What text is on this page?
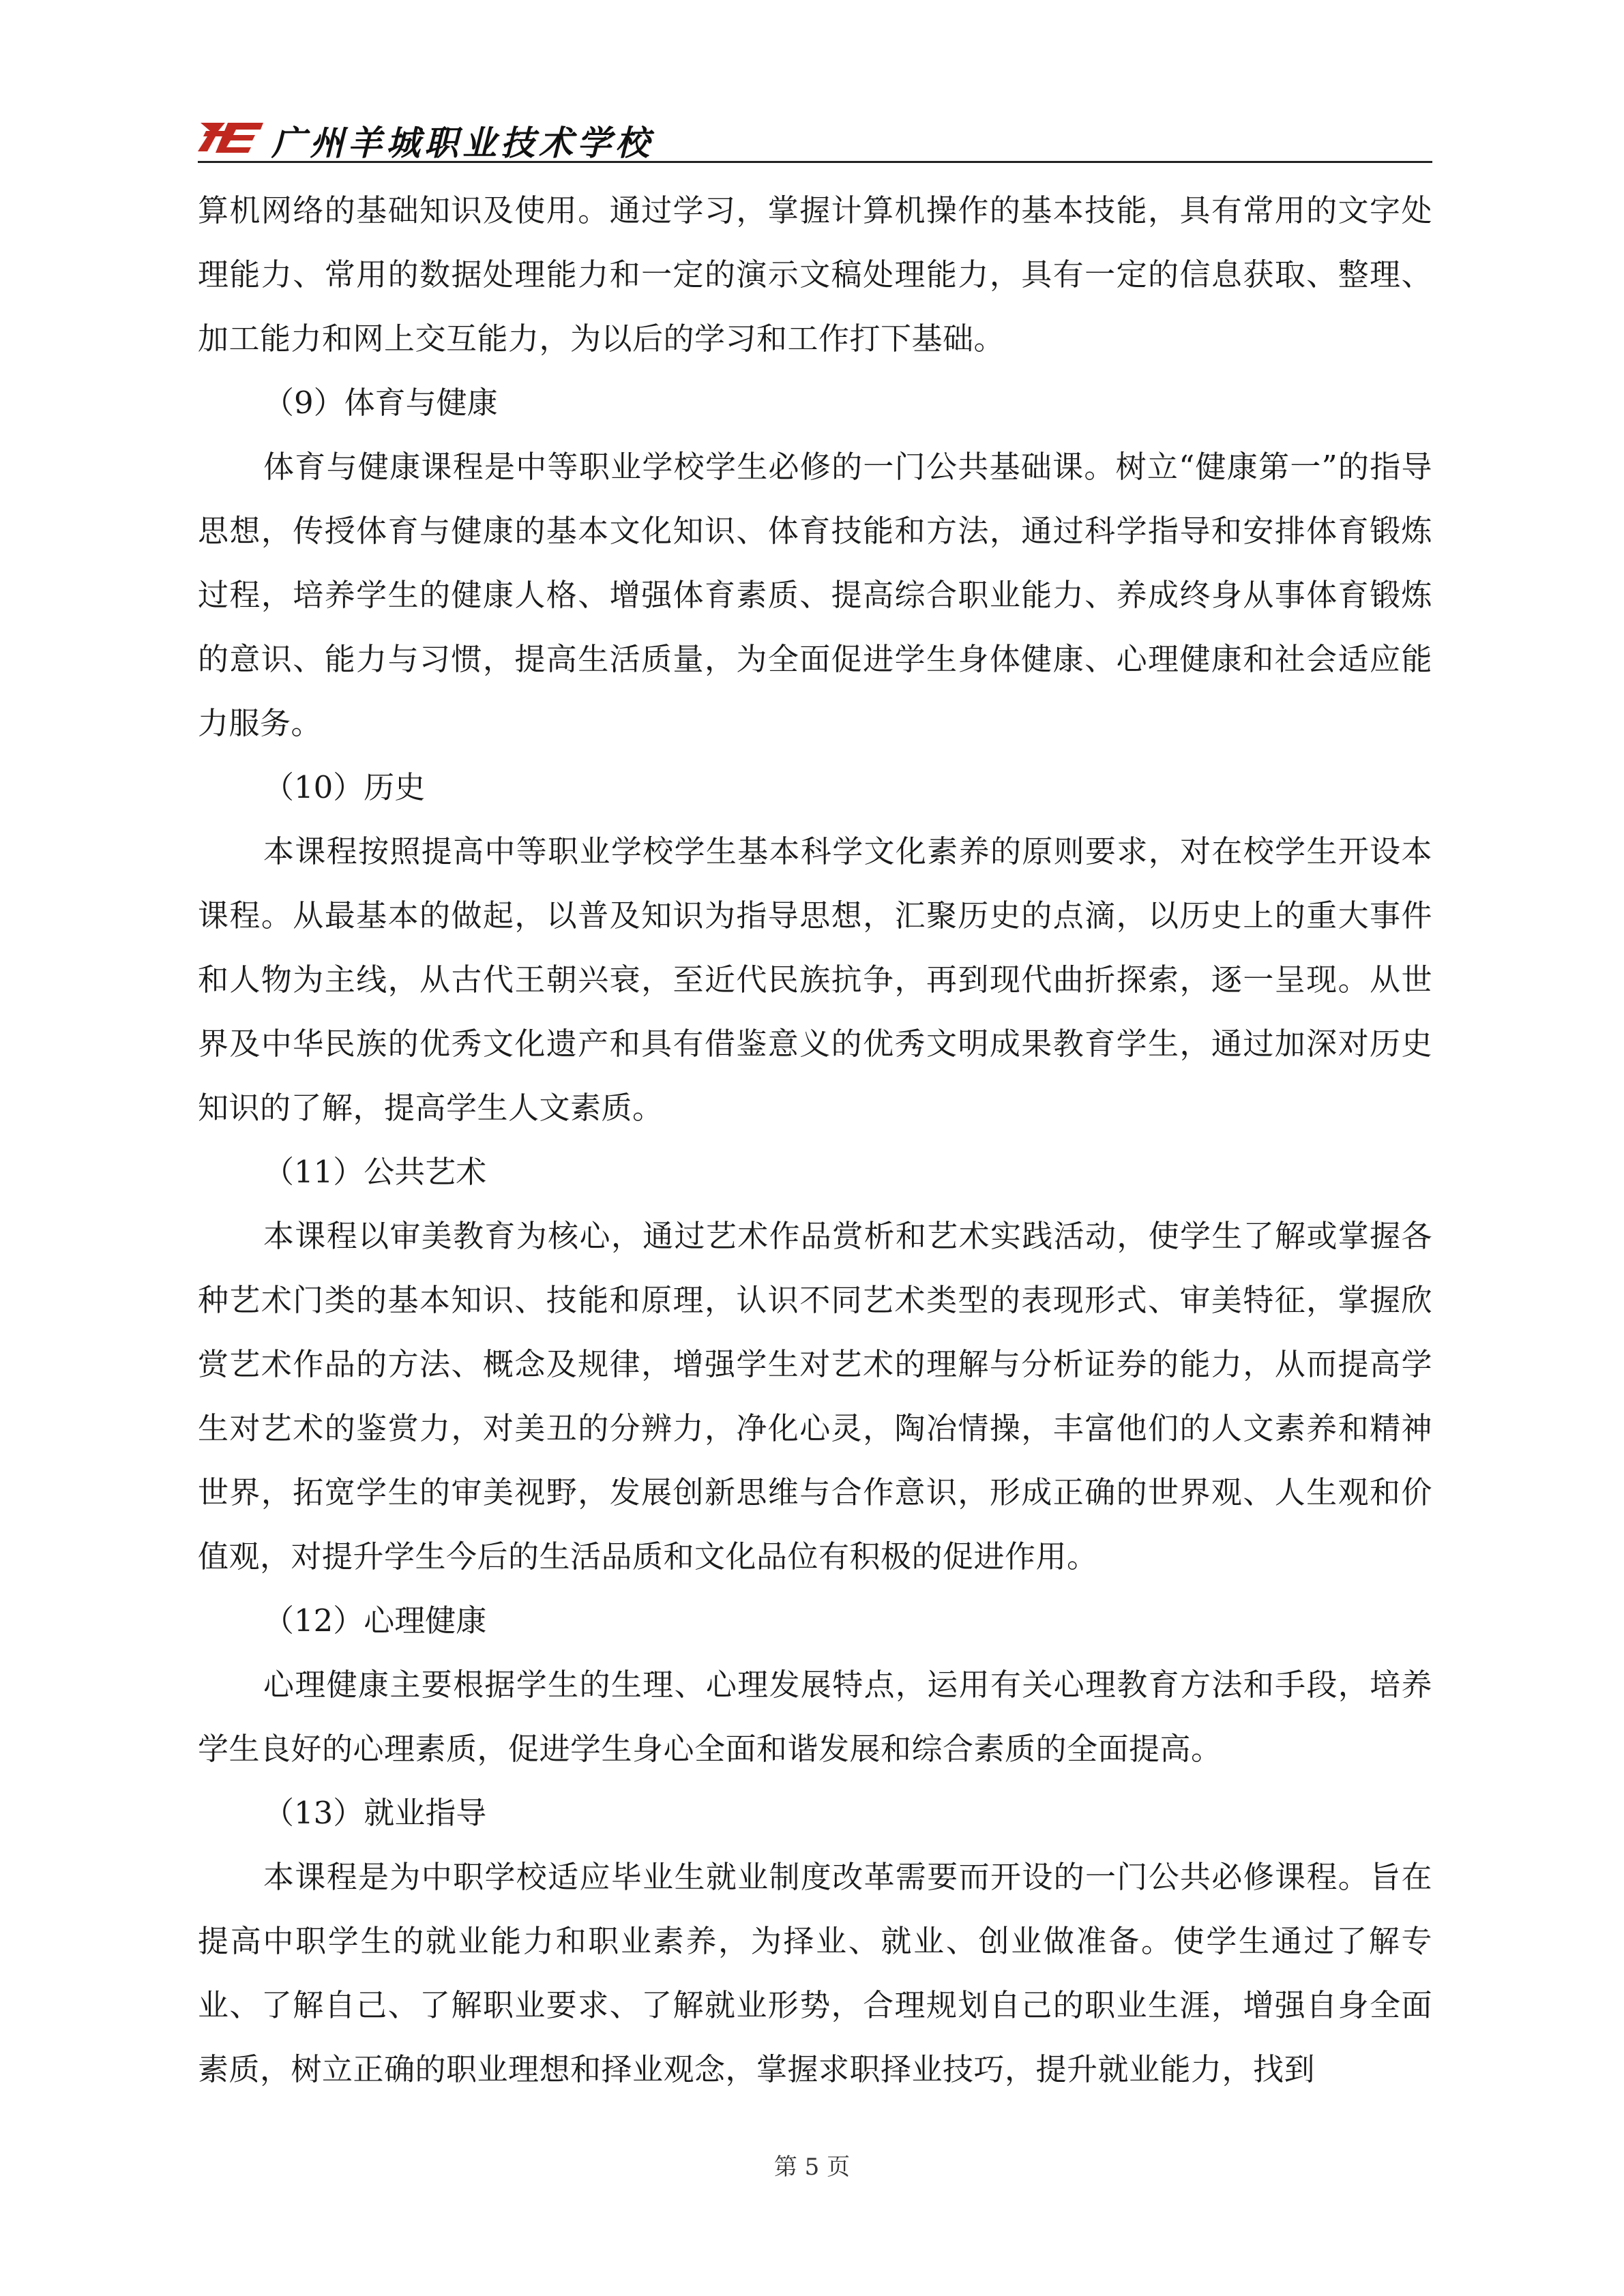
广州羊城职业技术学校

算机网络的基础知识及使用。通过学习，掌握计算机操作的基本技能，具有常用的文字处理能力、常用的数据处理能力和一定的演示文稿处理能力，具有一定的信息获取、整理、加工能力和网上交互能力，为以后的学习和工作打下基础。

（9）体育与健康

体育与健康课程是中等职业学校学生必修的一门公共基础课。树立“健康第一”的指导思想，传授体育与健康的基本文化知识、体育技能和方法，通过科学指导和安排体育锻炼过程，培养学生的健康人格、增强体育素质、提高综合职业能力、养成终身从事体育锻炼的意识、能力与习惯，提高生活质量，为全面促进学生身体健康、心理健康和社会适应能力服务。

（10）历史

本课程按照提高中等职业学校学生基本科学文化素养的原则要求，对在校学生开设本课程。从最基本的做起，以普及知识为指导思想，汇聚历史的点滴，以历史上的重大事件和人物为主线，从古代王朝兴衰，至近代民族抗争，再到现代曲折探索，逐一呈现。从世界及中华民族的优秀文化遗产和具有借鉴意义的优秀文明成果教育学生，通过加深对历史知识的了解，提高学生人文素质。

（11）公共艺术

本课程以审美教育为核心，通过艺术作品赏析和艺术实践活动，使学生了解或掌握各种艺术门类的基本知识、技能和原理，认识不同艺术类型的表现形式、审美特征，掌握欣赏艺术作品的方法、概念及规律，增强学生对艺术的理解与分析证券的能力，从而提高学生对艺术的鉴赏力，对美丑的分辨力，净化心灵，陶冶情操，丰富他们的人文素养和精神世界，拓宽学生的审美视野，发展创新思维与合作意识，形成正确的世界观、人生观和价值观，对提升学生今后的生活品质和文化品位有积极的促进作用。

（12）心理健康

心理健康主要根据学生的生理、心理发展特点，运用有关心理教育方法和手段，培养学生良好的心理素质，促进学生身心全面和谐发展和综合素质的全面提高。

（13）就业指导

本课程是为中职学校适应毕业生就业制度改革需要而开设的一门公共必修课程。旨在提高中职学生的就业能力和职业素养，为择业、就业、创业做准备。使学生通过了解专业、了解自己、了解职业要求、了解就业形势，合理规划自己的职业生涯，增强自身全面素质，树立正确的职业理想和择业观念，掌握求职择业技巧，提升就业能力，找到

第 5 页
